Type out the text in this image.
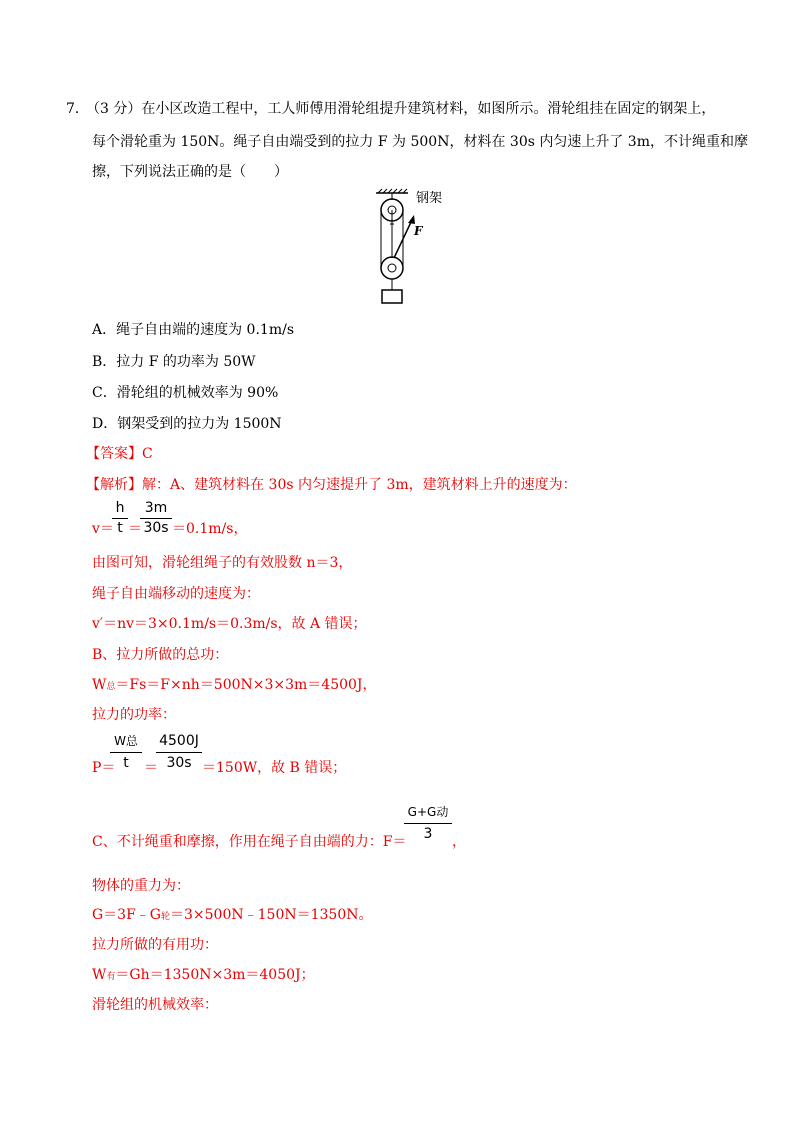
7．
（3 分）在小区改造工程中，工人师傅用滑轮组提升建筑材料，如图所示。滑轮组挂在固定的钢架上，
每个滑轮重为 150N。绳子自由端受到的拉力 F 为 500N，材料在 30s 内匀速上升了 3m，不计绳重和摩
擦，下列说法正确的是（　　）
钢架
F
A．绳子自由端的速度为 0.1m/s
B．拉力 F 的功率为 50W
C．滑轮组的机械效率为 90%
D．钢架受到的拉力为 1500N
【答案】C
【解析】解：A、建筑材料在 30s 内匀速提升了 3m，建筑材料上升的速度为：
v＝
h
t ＝
3m
30s ＝0.1m/s，
由图可知，滑轮组绳子的有效股数 n＝3，
绳子自由端移动的速度为：
v′＝nv＝3×0.1m/s＝0.3m/s，故 A 错误；
B、拉力所做的总功：
W总＝Fs＝F×nh＝500N×3×3m＝4500J，
拉力的功率：
P＝
W总
t	＝
4500J
30s ＝150W，故 B 错误；
C、不计绳重和摩擦，作用在绳子自由端的力：F＝
G+G动
3	，
物体的重力为：
G＝3F﹣G轮＝3×500N﹣150N＝1350N。
拉力所做的有用功：
W有＝Gh＝1350N×3m＝4050J；
滑轮组的机械效率：
